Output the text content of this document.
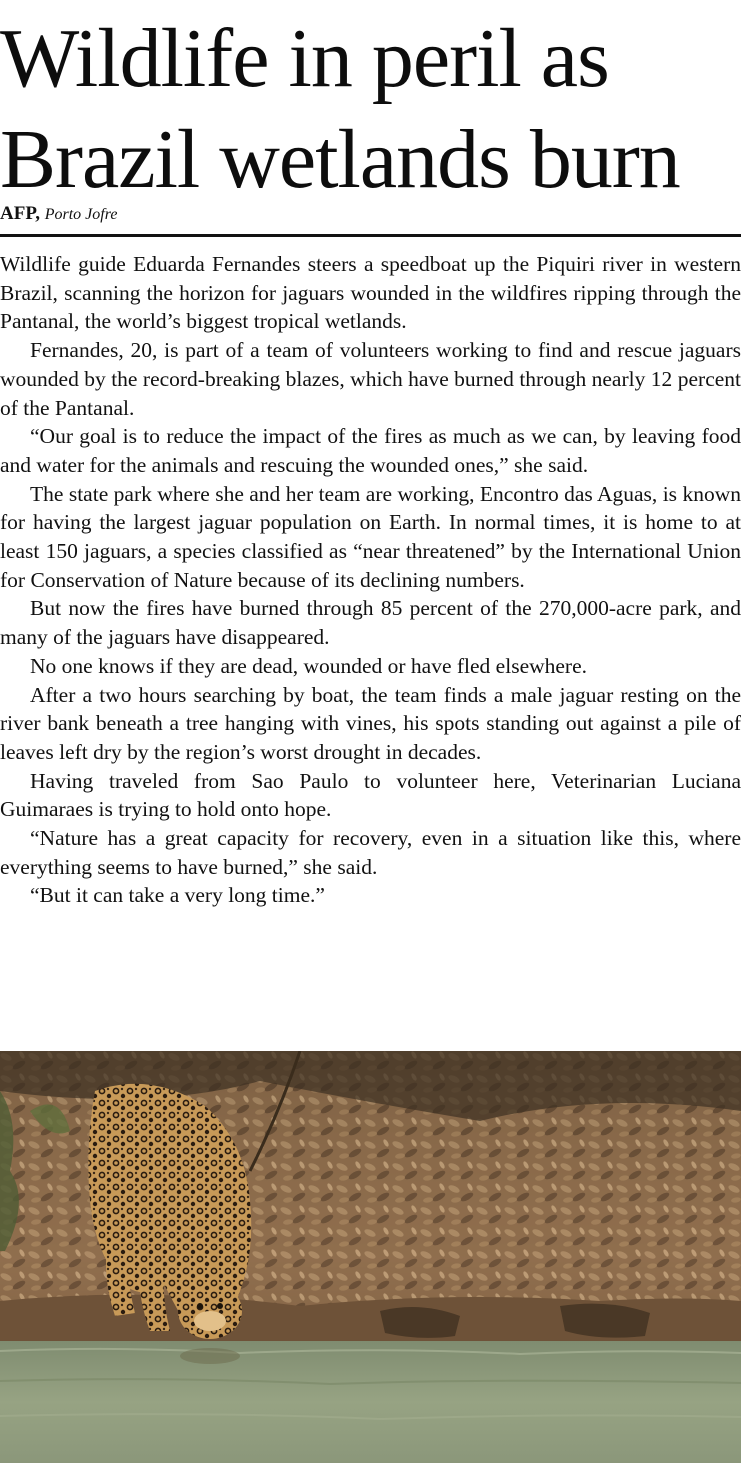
Wildlife in peril as
Brazil wetlands burn
AFP, Porto Jofre

Wildlife guide Eduarda Fernandes steers a speedboat up the Piquiri river in western Brazil, scanning the horizon for jaguars wounded in the wildfires ripping through the Pantanal, the world’s biggest tropical wetlands.

Fernandes, 20, is part of a team of volunteers working to find and rescue jaguars wounded by the record-breaking blazes, which have burned through nearly 12 percent of the Pantanal.

“Our goal is to reduce the impact of the fires as much as we can, by leaving food and water for the animals and rescuing the wounded ones,” she said.

The state park where she and her team are working, Encontro das Aguas, is known for having the largest jaguar population on Earth. In normal times, it is home to at least 150 jaguars, a species classified as “near threatened” by the International Union for Conservation of Nature because of its declining numbers.

But now the fires have burned through 85 percent of the 270,000-acre park, and many of the jaguars have disappeared.

No one knows if they are dead, wounded or have fled elsewhere.

After a two hours searching by boat, the team finds a male jaguar resting on the river bank beneath a tree hanging with vines, his spots standing out against a pile of leaves left dry by the region’s worst drought in decades.

Having traveled from Sao Paulo to volunteer here, Veterinarian Luciana Guimaraes is trying to hold onto hope.

“Nature has a great capacity for recovery, even in a situation like this, where everything seems to have burned,” she said.

“But it can take a very long time.”
